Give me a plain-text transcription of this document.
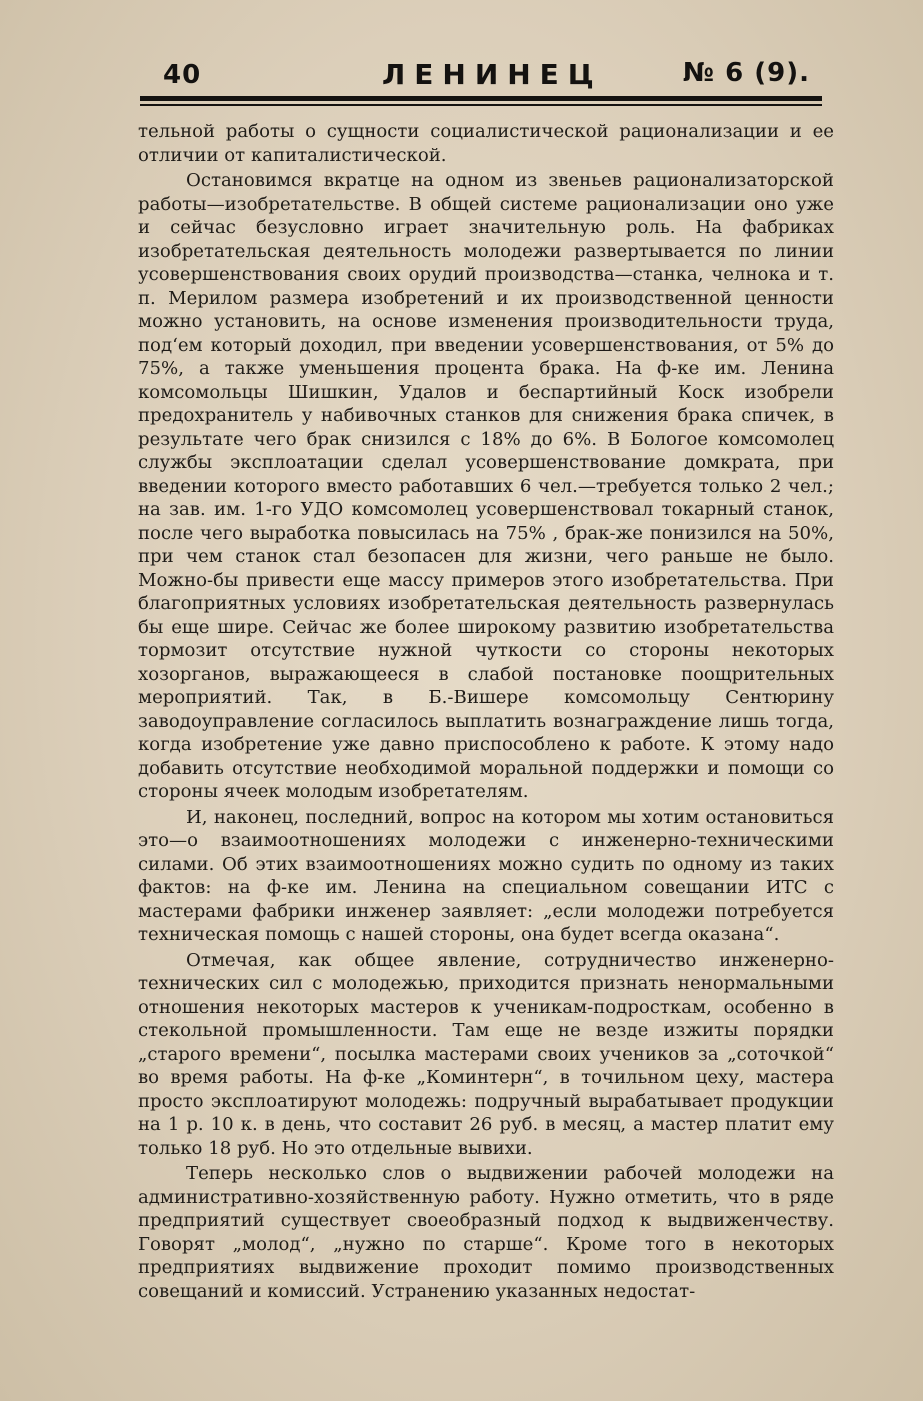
40	ЛЕНИНЕЦ	№ 6 (9).

тельной работы о сущности социалистической рационализации и ее отличии от капиталистической.

Остановимся вкратце на одном из звеньев рационализаторской работы—изобретательстве. В общей системе рационализации оно уже и сейчас безусловно играет значительную роль. На фабриках изобретательская деятельность молодежи развертывается по линии усовершенствования своих орудий производства—станка, челнока и т. п. Мерилом размера изобретений и их производственной ценности можно установить, на основе изменения производительности труда, под‘ем который доходил, при введении усовершенствования, от 5% до 75%, а также уменьшения процента брака. На ф-ке им. Ленина комсомольцы Шишкин, Удалов и беспартийный Коск изобрели предохранитель у набивочных станков для снижения брака спичек, в результате чего брак снизился с 18% до 6%. В Бологое комсомолец службы эксплоатации сделал усовершенствование домкрата, при введении которого вместо работавших 6 чел.—требуется только 2 чел.; на зав. им. 1-го УДО комсомолец усовершенствовал токарный станок, после чего выработка повысилась на 75% , брак-же понизился на 50%, при чем станок стал безопасен для жизни, чего раньше не было. Можно-бы привести еще массу примеров этого изобретательства. При благоприятных условиях изобретательская деятельность развернулась бы еще шире. Сейчас же более широкому развитию изобретательства тормозит отсутствие нужной чуткости со стороны некоторых хозорганов, выражающееся в слабой постановке поощрительных мероприятий. Так, в Б.-Вишере комсомольцу Сентюрину заводоуправление согласилось выплатить вознаграждение лишь тогда, когда изобретение уже давно приспособлено к работе. К этому надо добавить отсутствие необходимой моральной поддержки и помощи со стороны ячеек молодым изобретателям.

И, наконец, последний, вопрос на котором мы хотим остановиться это—о взаимоотношениях молодежи с инженерно-техническими силами. Об этих взаимоотношениях можно судить по одному из таких фактов: на ф-ке им. Ленина на специальном совещании ИТС с мастерами фабрики инженер заявляет: „если молодежи потребуется техническая помощь с нашей стороны, она будет всегда оказана“.

Отмечая, как общее явление, сотрудничество инженерно-технических сил с молодежью, приходится признать ненормальными отношения некоторых мастеров к ученикам-подросткам, особенно в стекольной промышленности. Там еще не везде изжиты порядки „старого времени“, посылка мастерами своих учеников за „соточкой“ во время работы. На ф-ке „Коминтерн“, в точильном цеху, мастера просто эксплоатируют молодежь: подручный вырабатывает продукции на 1 р. 10 к. в день, что составит 26 руб. в месяц, а мастер платит ему только 18 руб. Но это отдельные вывихи.

Теперь несколько слов о выдвижении рабочей молодежи на административно-хозяйственную работу. Нужно отметить, что в ряде предприятий существует своеобразный подход к выдвиженчеству. Говорят „молод“, „нужно по старше“. Кроме того в некоторых предприятиях выдвижение проходит помимо производственных совещаний и комиссий. Устранению указанных недостат-
